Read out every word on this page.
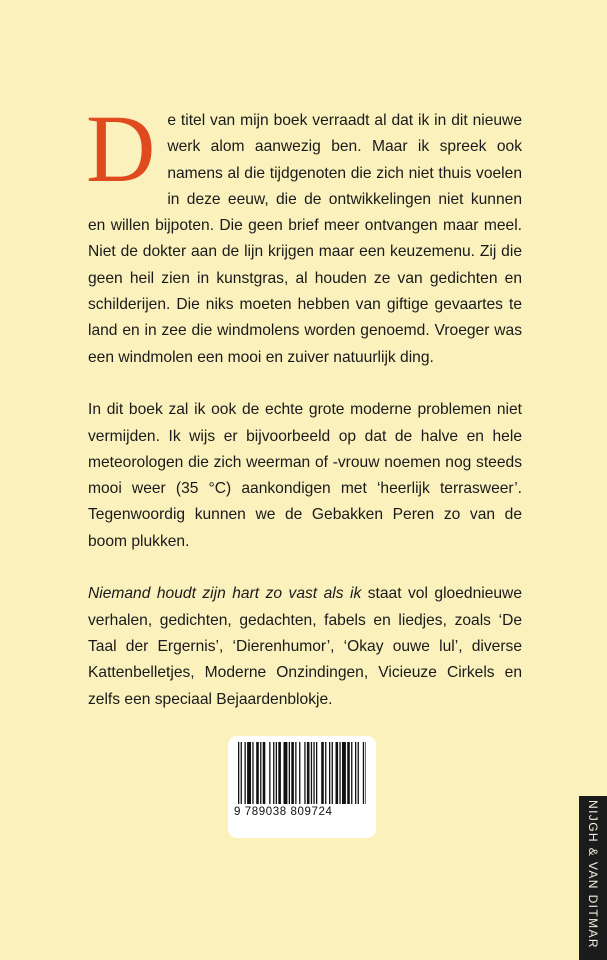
De titel van mijn boek verraadt al dat ik in dit nieuwe werk alom aanwezig ben. Maar ik spreek ook namens al die tijdgenoten die zich niet thuis voelen in deze eeuw, die de ontwikkelingen niet kunnen en willen bijpoten. Die geen brief meer ontvangen maar meel. Niet de dokter aan de lijn krijgen maar een keuzemenu. Zij die geen heil zien in kunstgras, al houden ze van gedichten en schilderijen. Die niks moeten hebben van giftige gevaartes te land en in zee die windmolens worden genoemd. Vroeger was een windmolen een mooi en zuiver natuurlijk ding.

In dit boek zal ik ook de echte grote moderne problemen niet vermijden. Ik wijs er bijvoorbeeld op dat de halve en hele meteorologen die zich weerman of -vrouw noemen nog steeds mooi weer (35 °C) aankondigen met ‘heerlijk terrasweer’. Tegenwoordig kunnen we de Gebakken Peren zo van de boom plukken.

Niemand houdt zijn hart zo vast als ik staat vol gloednieuwe verhalen, gedichten, gedachten, fabels en liedjes, zoals ‘De Taal der Ergernis’, ‘Dierenhumor’, ‘Okay ouwe lul’, diverse Kattenbelletjes, Moderne Onzindingen, Vicieuze Cirkels en zelfs een speciaal Bejaardenblokje.

9 789038 809724	NIJGH & VAN DITMAR
